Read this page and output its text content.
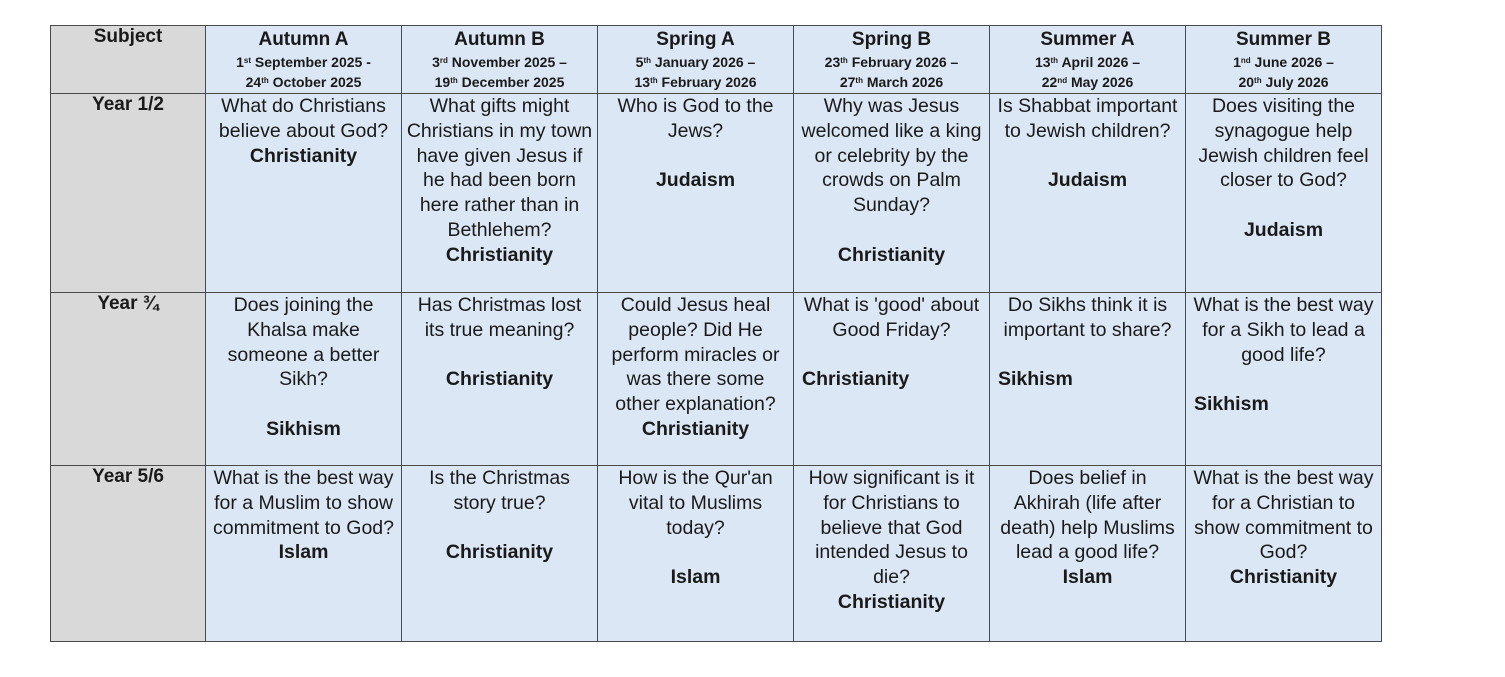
Subject	Autumn A
1st September 2025 -
24th October 2025	Autumn B
3rd November 2025 –
19th December 2025	Spring A
5th January 2026 –
13th February 2026	Spring B
23th February 2026 –
27th March 2026	Summer A
13th April 2026 –
22nd May 2026	Summer B
1nd June 2026 –
20th July 2026

Year 1/2	What do Christians believe about God?
Christianity	What gifts might Christians in my town have given Jesus if he had been born here rather than in Bethlehem?
Christianity	Who is God to the Jews?
Judaism	Why was Jesus welcomed like a king or celebrity by the crowds on Palm Sunday?
Christianity	Is Shabbat important to Jewish children?
Judaism	Does visiting the synagogue help Jewish children feel closer to God?
Judaism

Year ¾	Does joining the Khalsa make someone a better Sikh?
Sikhism	Has Christmas lost its true meaning?
Christianity	Could Jesus heal people? Did He perform miracles or was there some other explanation?
Christianity	What is 'good' about Good Friday?
Christianity	Do Sikhs think it is important to share?
Sikhism	What is the best way for a Sikh to lead a good life?
Sikhism

Year 5/6	What is the best way for a Muslim to show commitment to God?
Islam	Is the Christmas story true?
Christianity	How is the Qur'an vital to Muslims today?
Islam	How significant is it for Christians to believe that God intended Jesus to die?
Christianity	Does belief in Akhirah (life after death) help Muslims lead a good life?
Islam	What is the best way for a Christian to show commitment to God?
Christianity
